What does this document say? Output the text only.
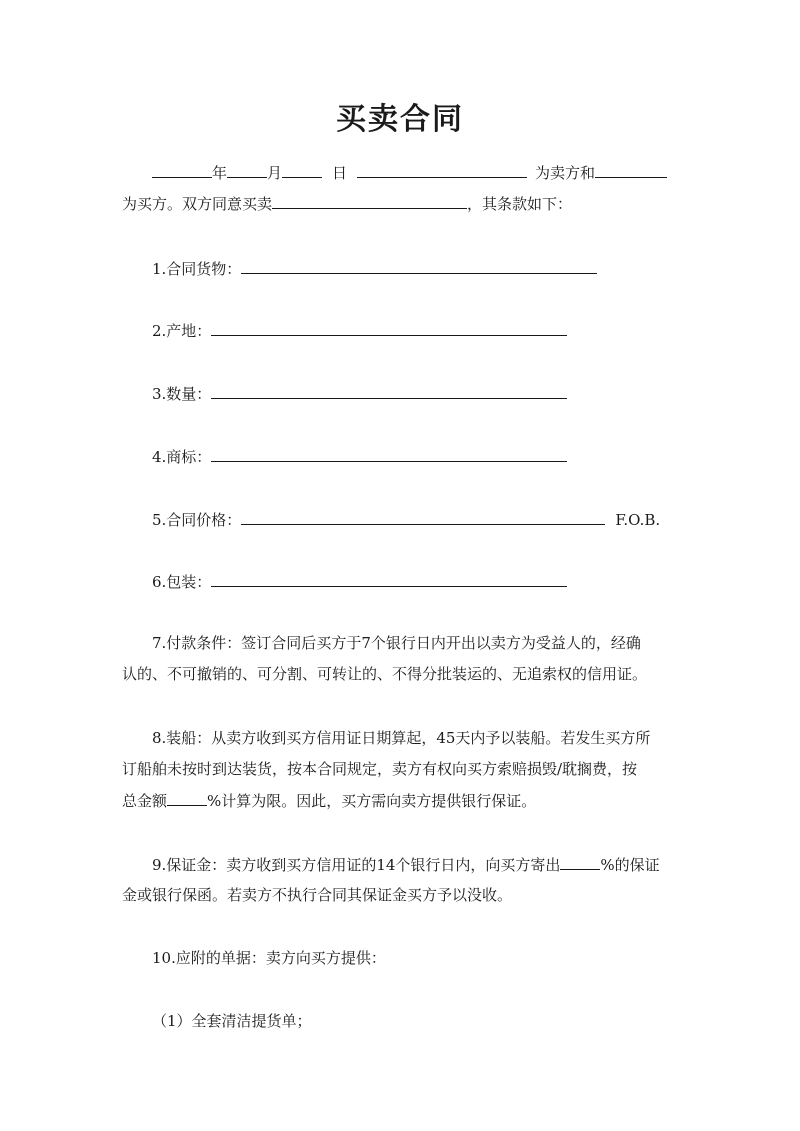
买卖合同
年	月	日	为卖方和
为买方。双方同意买卖	，其条款如下：
1.合同货物：
2.产地：
3.数量：
4.商标：
5.合同价格：	F.O.B.
6.包装：
7.付款条件：签订合同后买方于7个银行日内开出以卖方为受益人的，经确
认的、不可撤销的、可分割、可转让的、不得分批装运的、无追索权的信用证。
8.装船：从卖方收到买方信用证日期算起，45天内予以装船。若发生买方所
订船舶未按时到达装货，按本合同规定，卖方有权向买方索赔损毁/耽搁费，按
总金额	%计算为限。因此，买方需向卖方提供银行保证。
9.保证金：卖方收到买方信用证的14个银行日内，向买方寄出	%的保证
金或银行保函。若卖方不执行合同其保证金买方予以没收。
10.应附的单据：卖方向买方提供：
（1）全套清洁提货单；
